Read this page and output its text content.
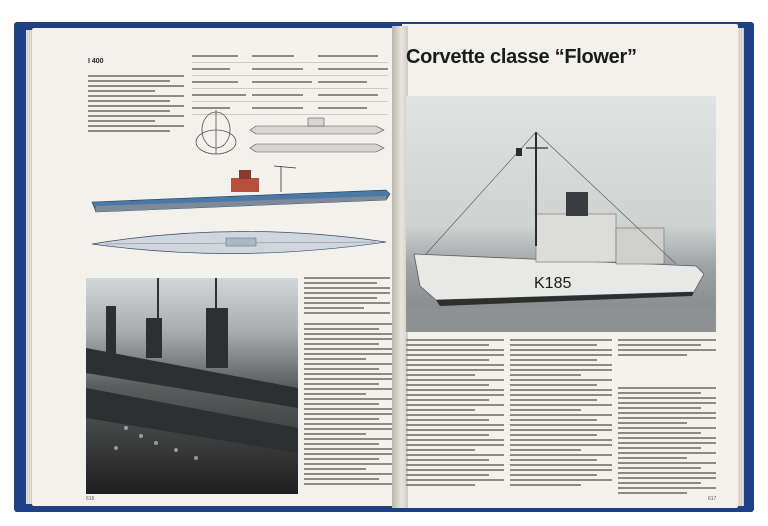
I 400
616
Corvette classe “Flower”
K185
617
